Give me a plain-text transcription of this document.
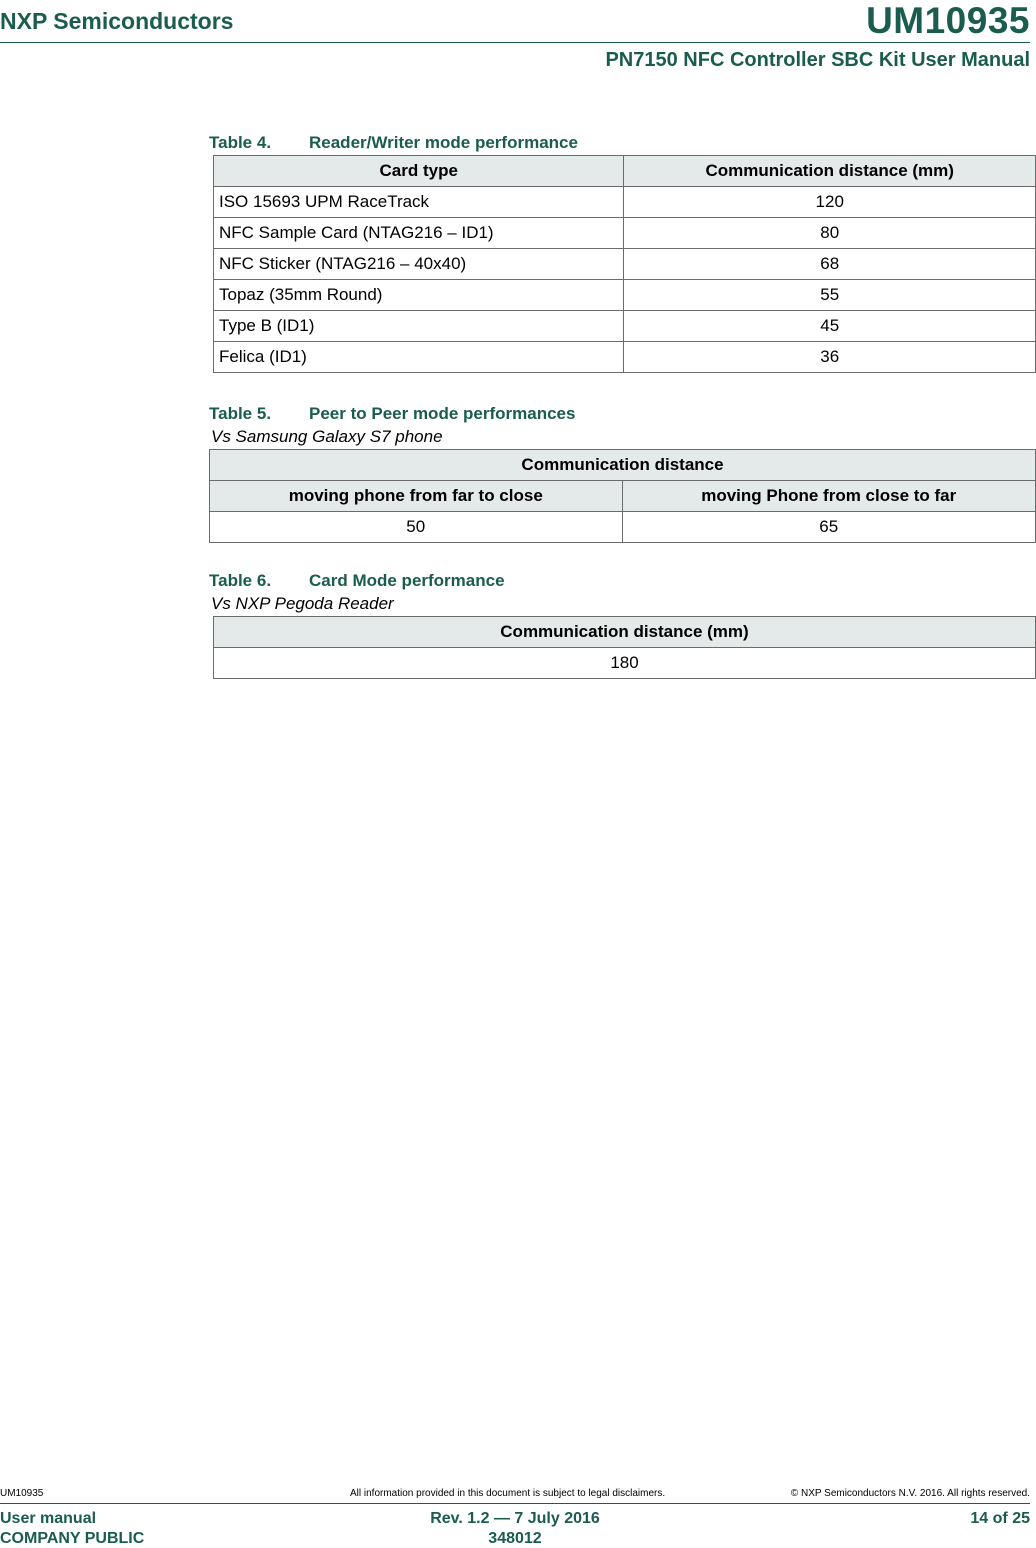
NXP Semiconductors	UM10935
PN7150 NFC Controller SBC Kit User Manual
Table 4. Reader/Writer mode performance
Card type	Communication distance (mm)
ISO 15693 UPM RaceTrack	120
NFC Sample Card (NTAG216 – ID1)	80
NFC Sticker (NTAG216 – 40x40)	68
Topaz (35mm Round)	55
Type B (ID1)	45
Felica (ID1)	36
Table 5. Peer to Peer mode performances
Vs Samsung Galaxy S7 phone
Communication distance	
moving phone from far to close	moving Phone from close to far
50	65
Table 6. Card Mode performance
Vs NXP Pegoda Reader
Communication distance (mm)
180
UM10935	All information provided in this document is subject to legal disclaimers.	© NXP Semiconductors N.V. 2016. All rights reserved.
User manual
COMPANY PUBLIC
Rev. 1.2 — 7 July 2016
348012
14 of 25
